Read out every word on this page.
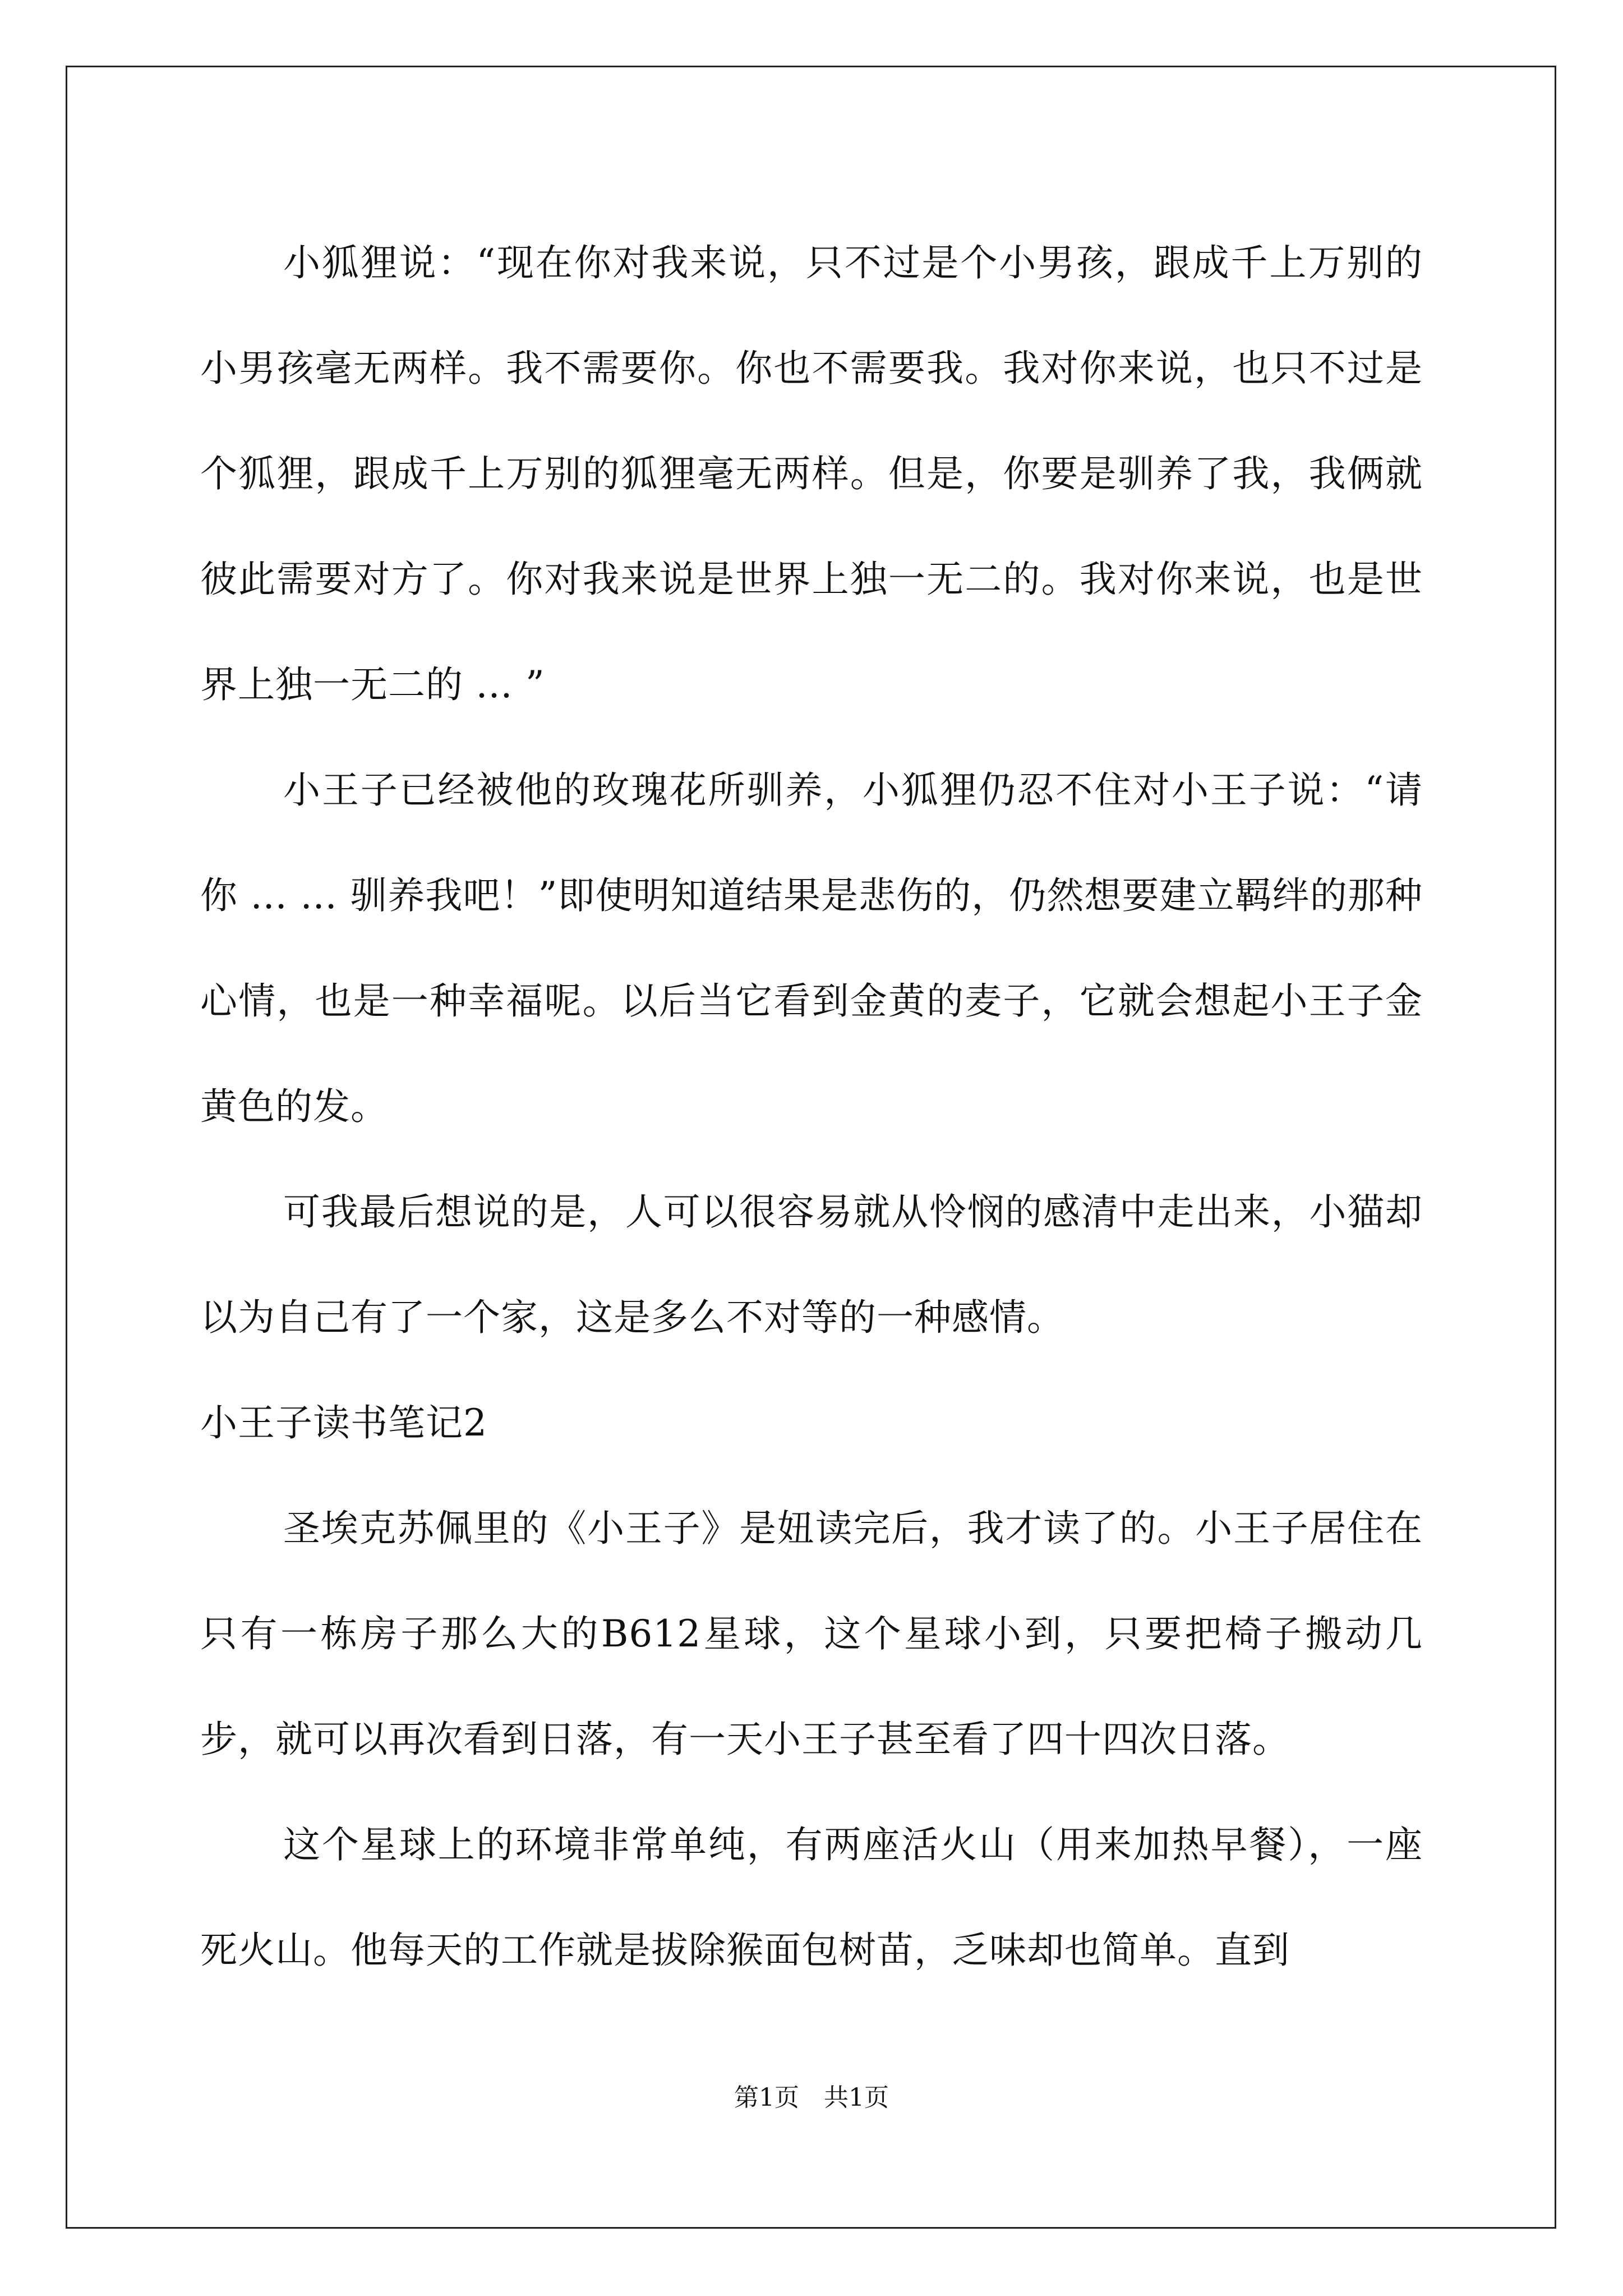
小狐狸说：“现在你对我来说，只不过是个小男孩，跟成千上万别的小男孩毫无两样。我不需要你。你也不需要我。我对你来说，也只不过是个狐狸，跟成千上万别的狐狸毫无两样。但是，你要是驯养了我，我俩就彼此需要对方了。你对我来说是世界上独一无二的。我对你来说，也是世界上独一无二的 … ”

小王子已经被他的玫瑰花所驯养，小狐狸仍忍不住对小王子说：“请你 … … 驯养我吧！”即使明知道结果是悲伤的，仍然想要建立羁绊的那种心情，也是一种幸福呢。以后当它看到金黄的麦子，它就会想起小王子金黄色的发。

可我最后想说的是，人可以很容易就从怜悯的感清中走出来，小猫却以为自己有了一个家，这是多么不对等的一种感情。

小王子读书笔记2

圣埃克苏佩里的《小王子》是妞读完后，我才读了的。小王子居住在只有一栋房子那么大的B612星球，这个星球小到，只要把椅子搬动几步，就可以再次看到日落，有一天小王子甚至看了四十四次日落。

这个星球上的环境非常单纯，有两座活火山（用来加热早餐），一座死火山。他每天的工作就是拔除猴面包树苗，乏味却也简单。直到

第1页　共1页
